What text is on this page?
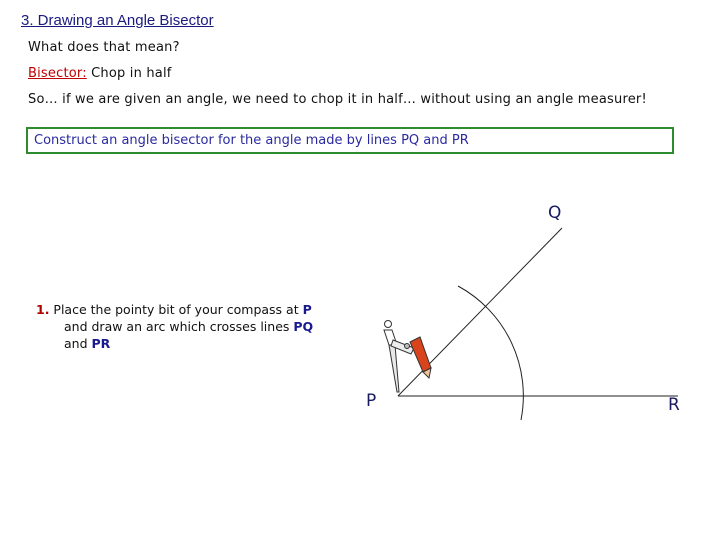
3. Drawing an Angle Bisector
What does that mean?
Bisector: Chop in half
So… if we are given an angle, we need to chop it in half… without using an angle measurer!
Construct an angle bisector for the angle made by lines PQ and PR
Q
P	R
1. Place the pointy bit of your compass at P
and draw an arc which crosses lines PQ
and PR
